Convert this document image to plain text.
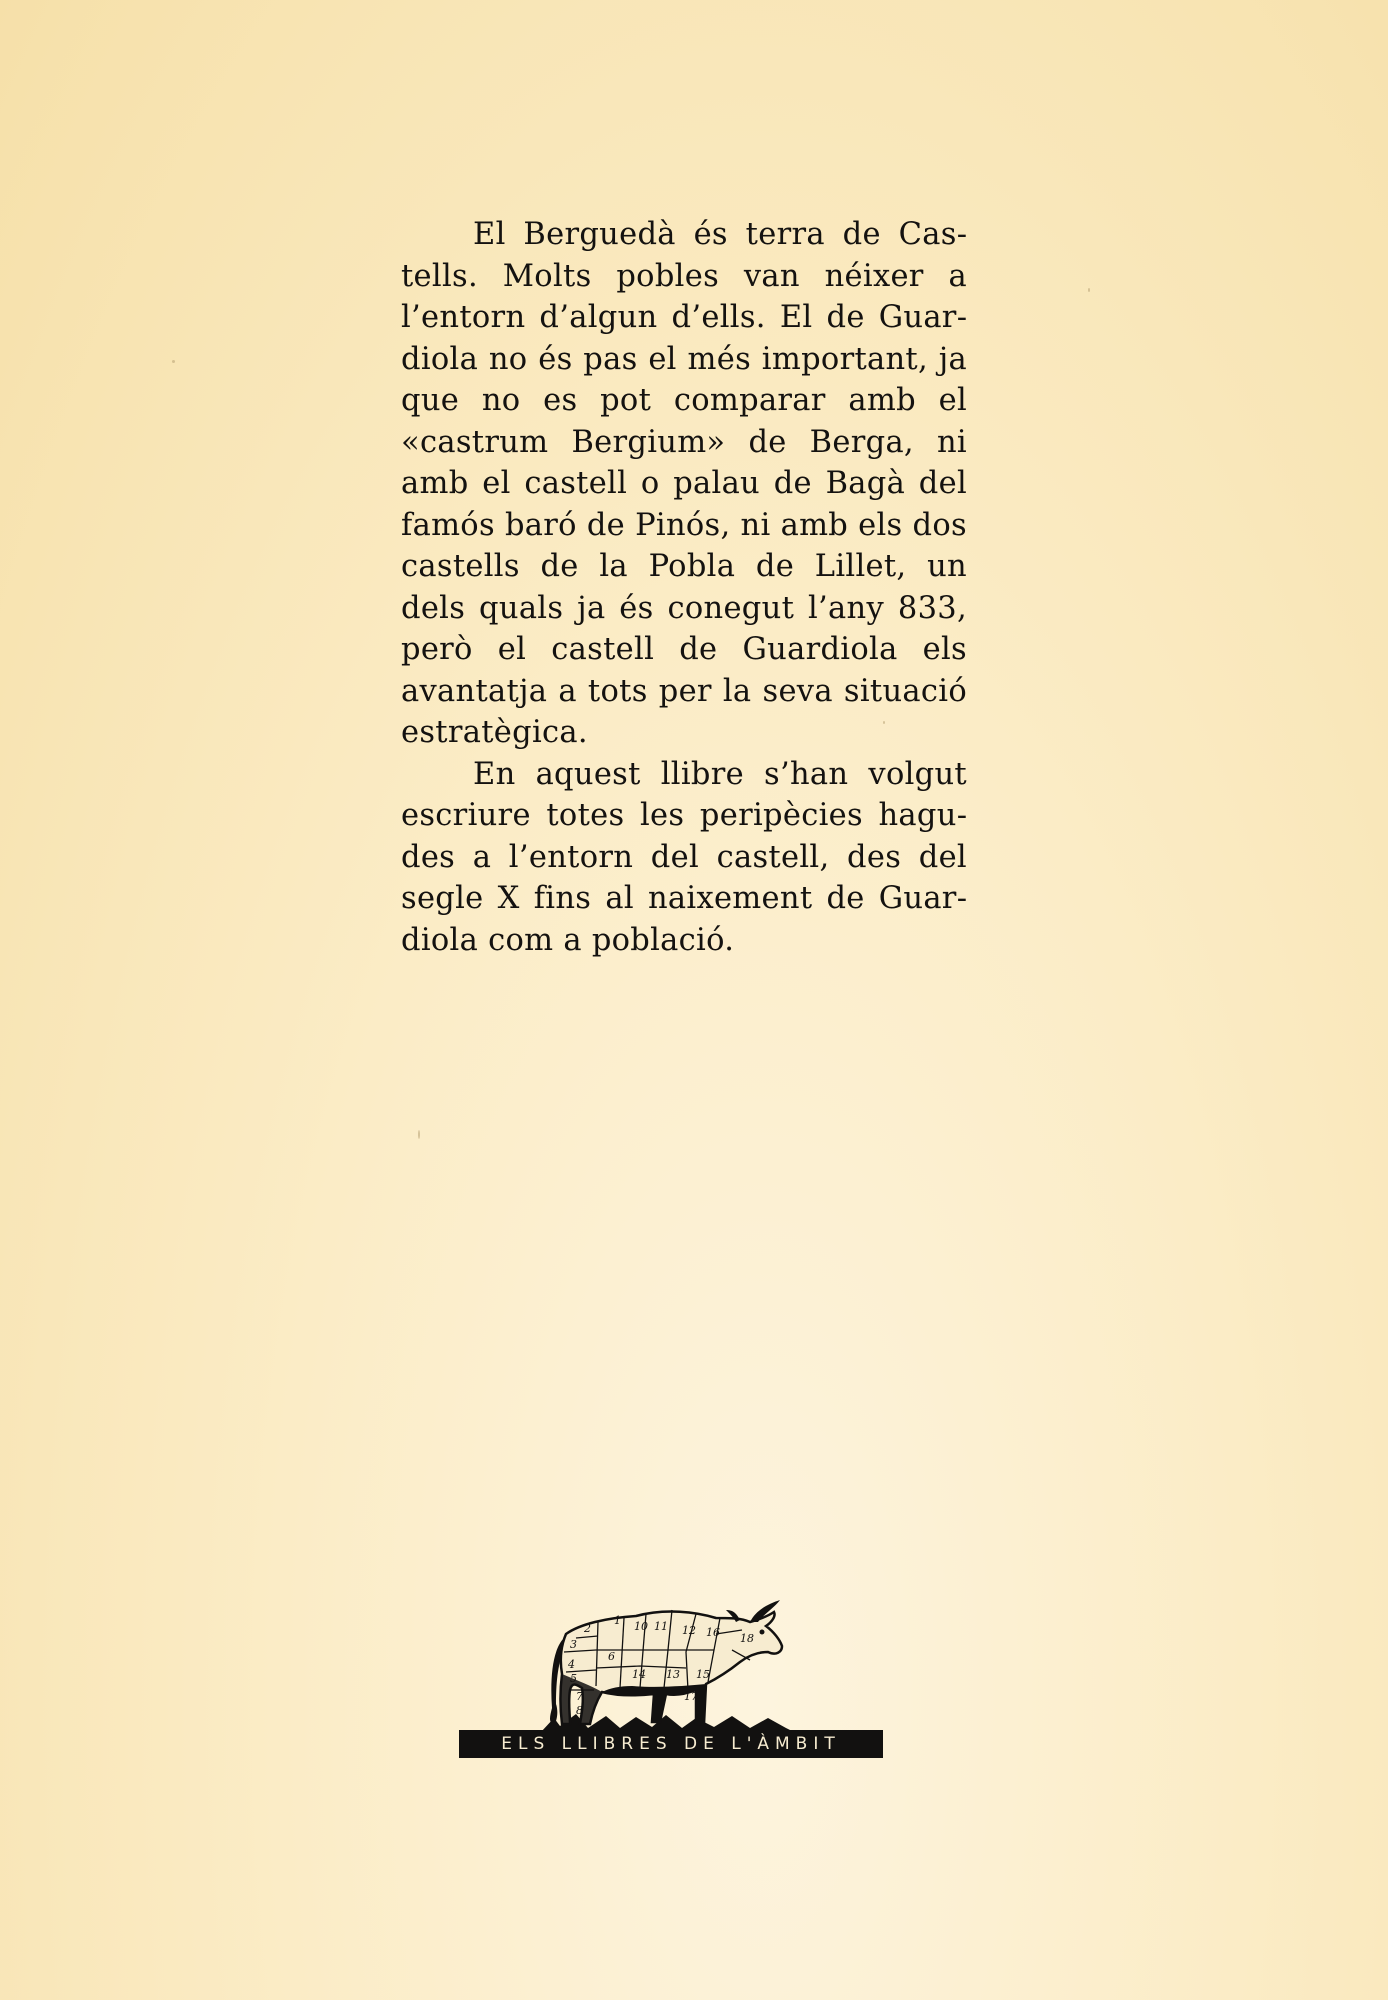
El Berguedà és terra de Castells. Molts pobles van néixer a l’entorn d’algun d’ells. El de Guardiola no és pas el més important, ja que no es pot comparar amb el «castrum Bergium» de Berga, ni amb el castell o palau de Bagà del famós baró de Pinós, ni amb els dos castells de la Pobla de Lillet, un dels quals ja és conegut l’any 833, però el castell de Guardiola els avantatja a tots per la seva situació estratègica.

En aquest llibre s’han volgut escriure totes les peripècies hagudes a l’entorn del castell, des del segle X fins al naixement de Guardiola com a població.

2
1 10 11 12 16
3
6
18
4
5	14 13 15
7
8
17
ELS LLIBRES DE L'ÀMBIT
